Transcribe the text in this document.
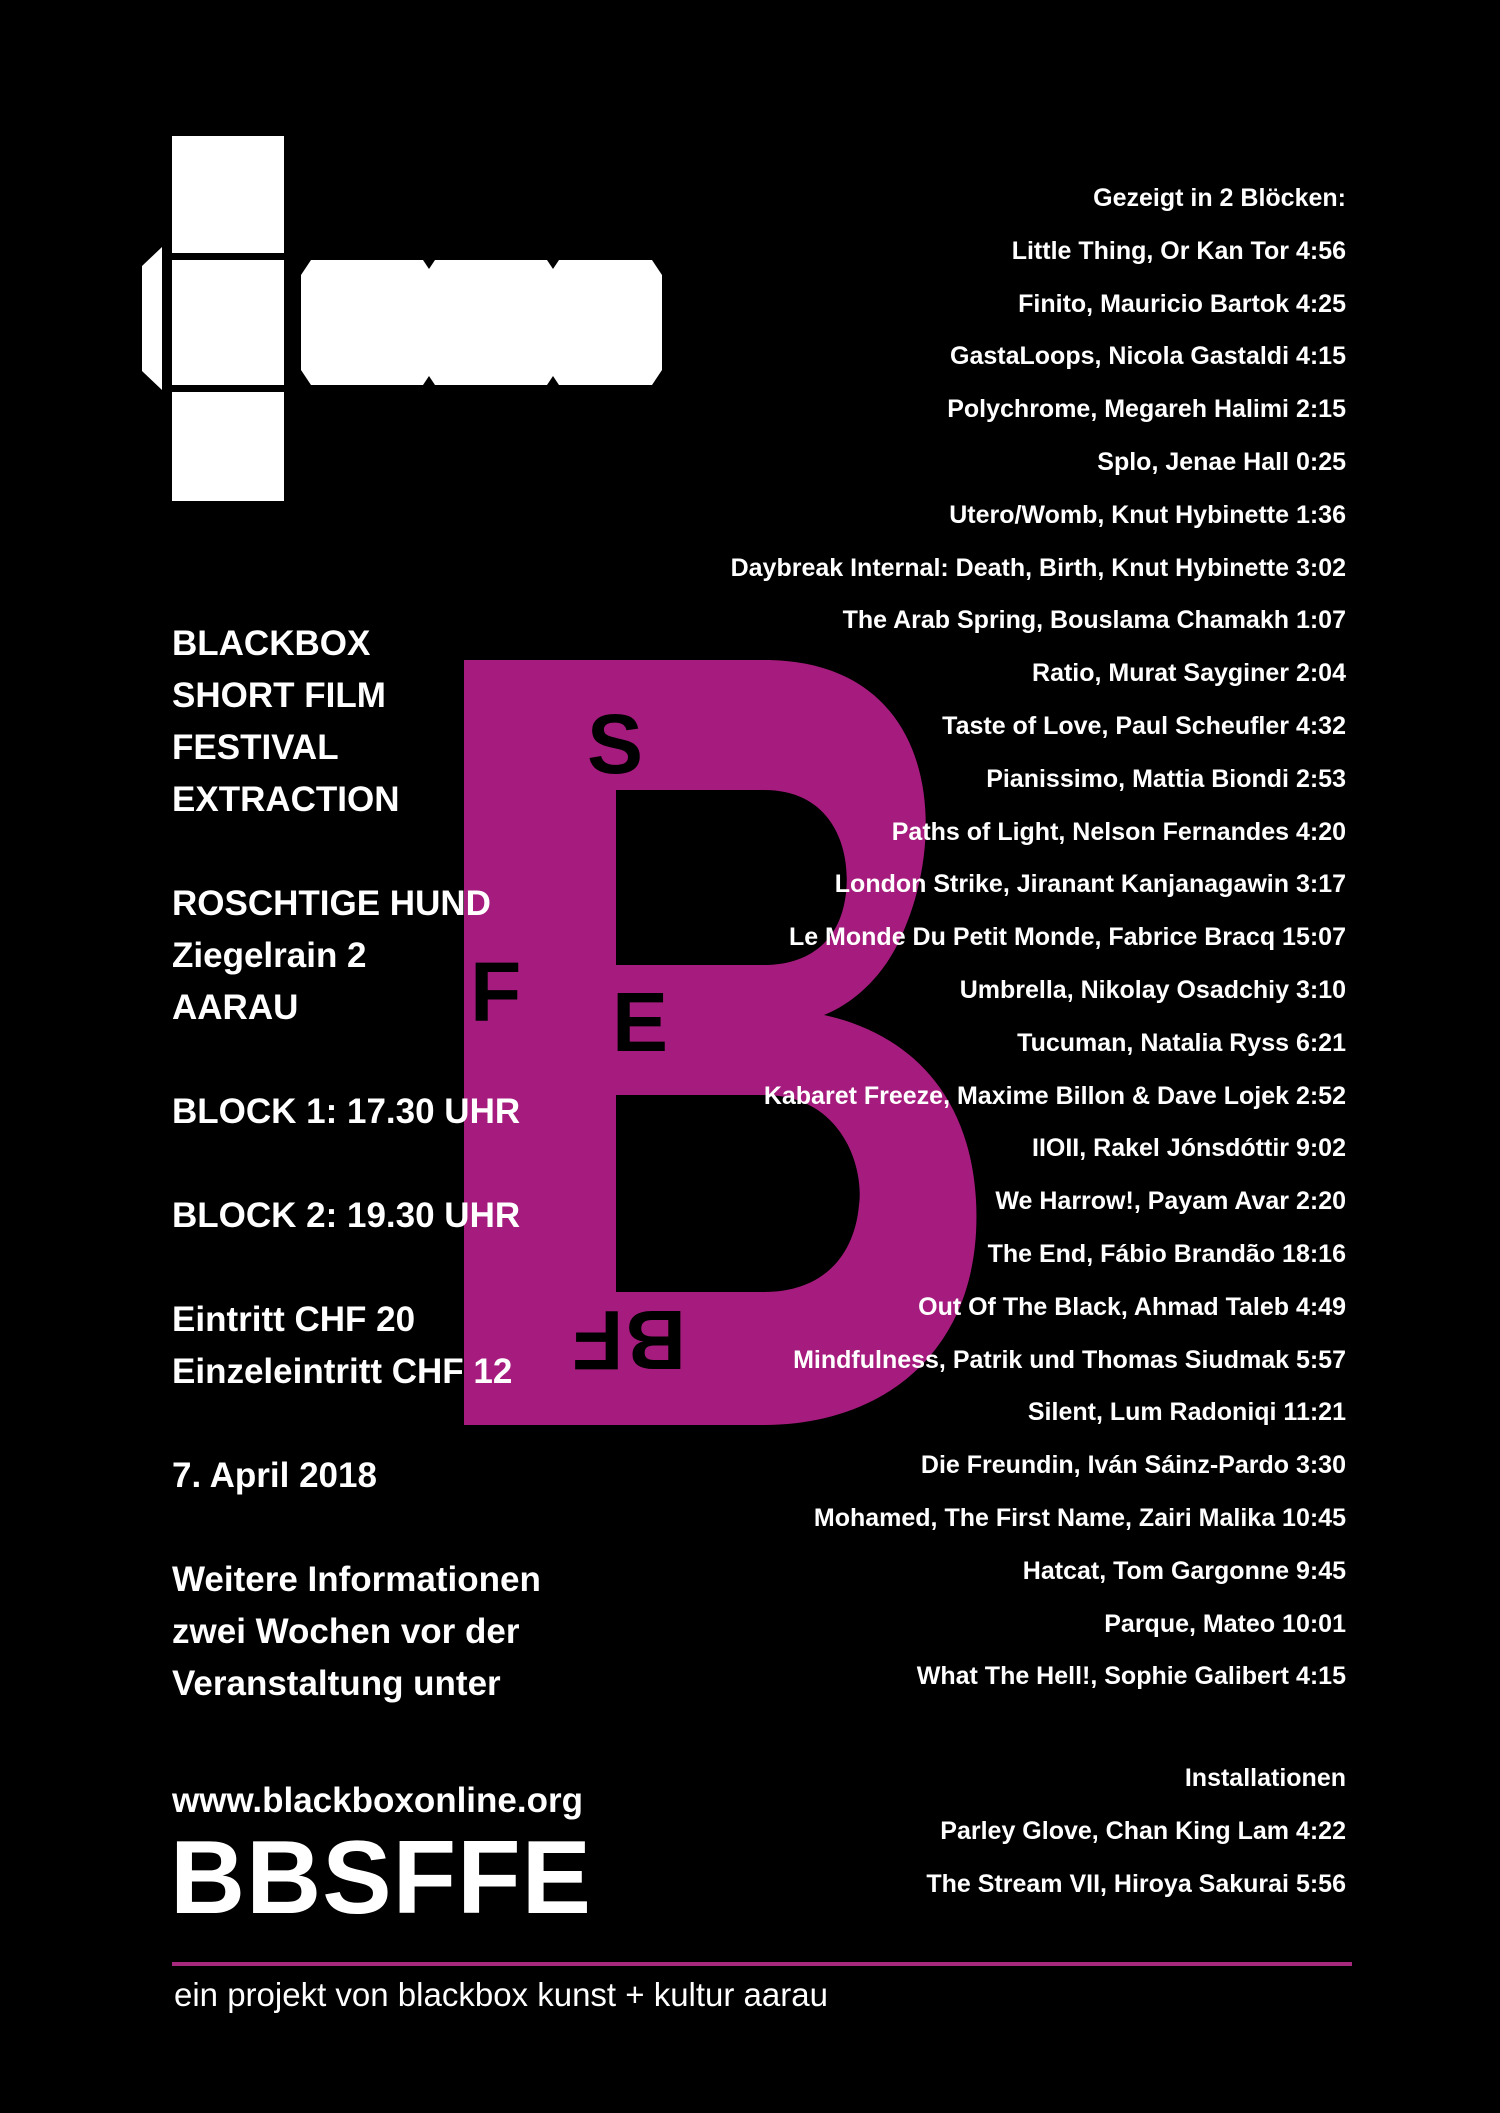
S

F E

BF

BLACKBOX

SHORT FILM

FESTIVAL

EXTRACTION

ROSCHTIGE HUND

Ziegelrain 2

AARAU

BLOCK 1: 17.30 UHR

BLOCK 2: 19.30 UHR

Eintritt CHF 20

Einzeleintritt CHF 12

7. April 2018

Weitere Informationen

zwei Wochen vor der

Veranstaltung unter

www.blackboxonline.org

BBSFFE

Gezeigt in 2 Blöcken:

Little Thing, Or Kan Tor 4:56

Finito, Mauricio Bartok 4:25

GastaLoops, Nicola Gastaldi 4:15

Polychrome, Megareh Halimi 2:15

Splo, Jenae Hall 0:25

Utero/Womb, Knut Hybinette 1:36

Daybreak Internal: Death, Birth, Knut Hybinette 3:02

The Arab Spring, Bouslama Chamakh 1:07

Ratio, Murat Sayginer 2:04

Taste of Love, Paul Scheufler 4:32

Pianissimo, Mattia Biondi 2:53

Paths of Light, Nelson Fernandes 4:20

London Strike, Jiranant Kanjanagawin 3:17

Le Monde Du Petit Monde, Fabrice Bracq 15:07

Umbrella, Nikolay Osadchiy 3:10

Tucuman, Natalia Ryss 6:21

Kabaret Freeze, Maxime Billon & Dave Lojek 2:52

IIOII, Rakel Jónsdóttir 9:02

We Harrow!, Payam Avar 2:20

The End, Fábio Brandão 18:16

Out Of The Black, Ahmad Taleb 4:49

Mindfulness, Patrik und Thomas Siudmak 5:57

Silent, Lum Radoniqi 11:21

Die Freundin, Iván Sáinz-Pardo 3:30

Mohamed, The First Name, Zairi Malika 10:45

Hatcat, Tom Gargonne 9:45

Parque, Mateo 10:01

What The Hell!, Sophie Galibert 4:15

Installationen

Parley Glove, Chan King Lam 4:22

The Stream VII, Hiroya Sakurai 5:56

ein projekt von blackbox kunst + kultur aarau
